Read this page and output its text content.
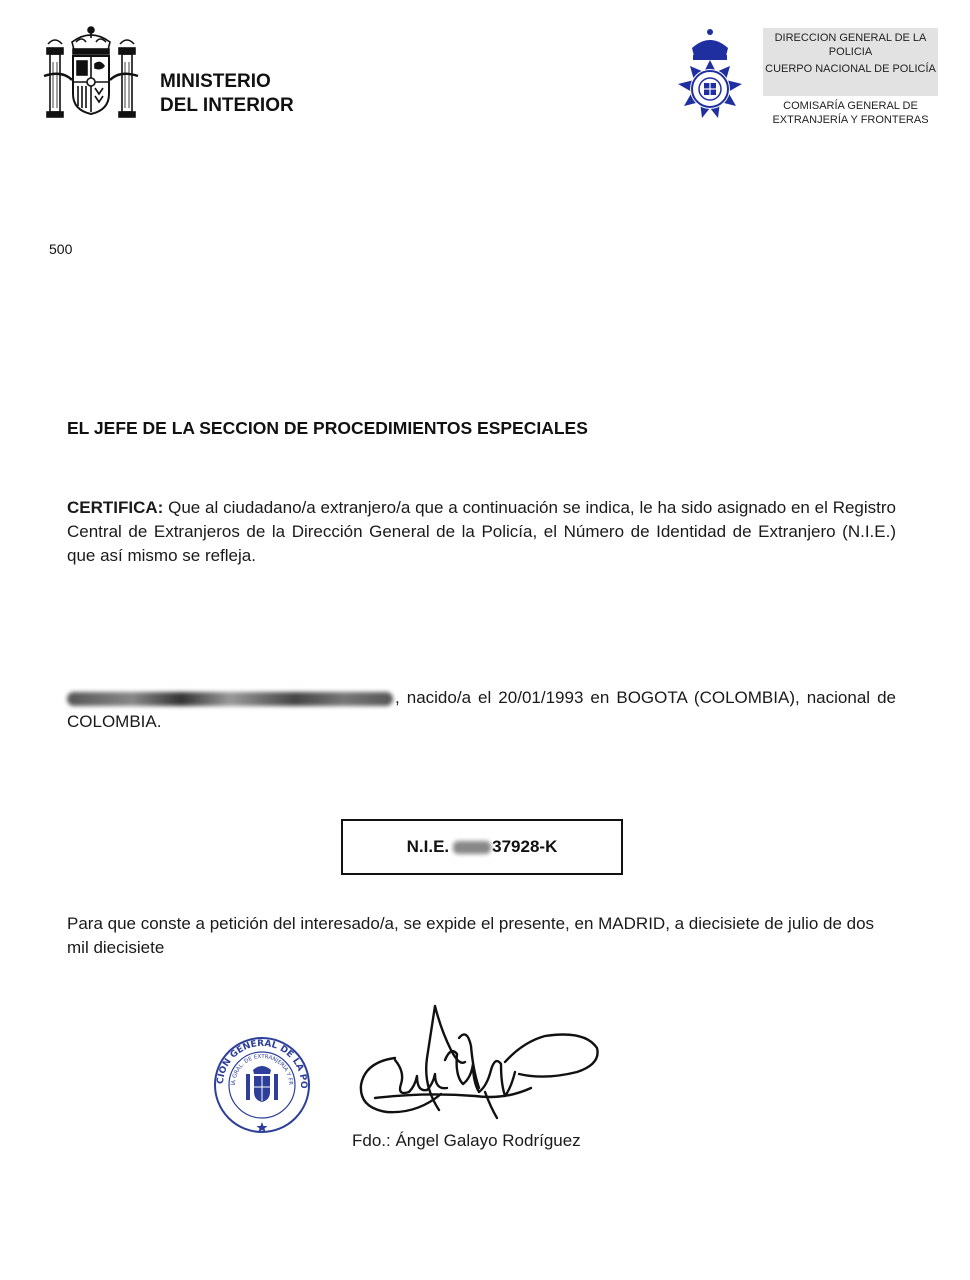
MINISTERIO
DEL INTERIOR
DIRECCION GENERAL DE LA POLICIA
CUERPO NACIONAL DE POLICÍA
COMISARÍA GENERAL DE EXTRANJERÍA Y FRONTERAS
500
EL JEFE DE LA SECCION DE PROCEDIMIENTOS ESPECIALES
CERTIFICA: Que al ciudadano/a extranjero/a que a continuación se indica, le ha sido asignado en el Registro Central de Extranjeros de la Dirección General de la Policía, el Número de Identidad de Extranjero (N.I.E.) que así mismo se refleja.
, nacido/a el 20/01/1993 en BOGOTA (COLOMBIA), nacional de COLOMBIA.
N.I.E.	37928-K
Para que conste a petición del interesado/a, se expide el presente, en MADRID, a diecisiete de julio de dos mil diecisiete
CIÓN GENERAL DE LA PO
ÍA GRAL. DE EXTRANJERÍA Y FR
Fdo.: Ángel Galayo Rodríguez
